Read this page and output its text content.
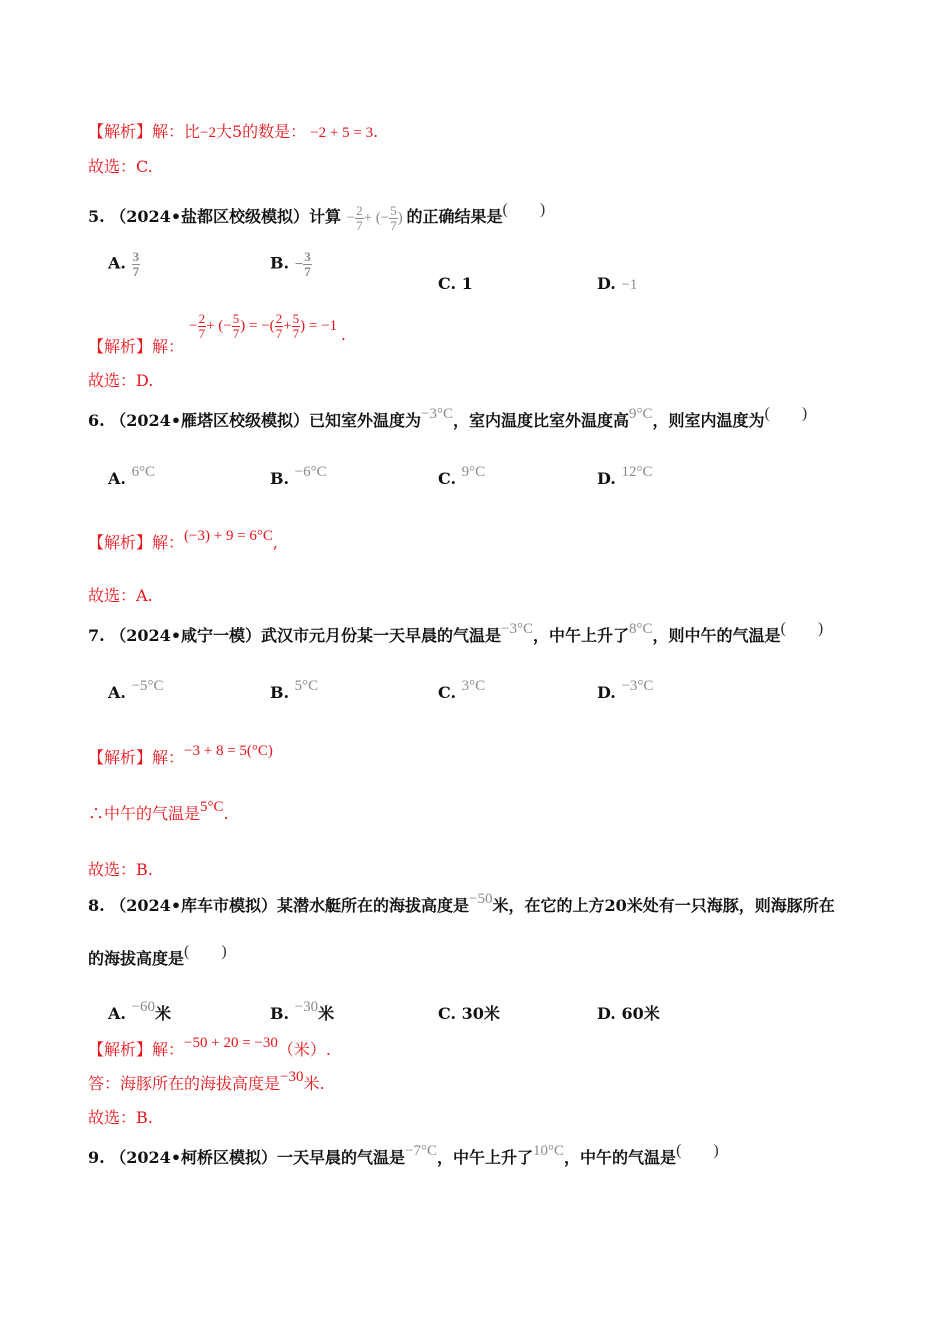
【解析】解：比−2大5的数是： −2 + 5 = 3.
故选：C.
5. （2024•盐都区校级模拟）计算 − $\frac{2}{7}$ + (− $\frac{5}{7}$ ) 的正确结果是(　　)
A. $\frac{3}{7}$	B. − $\frac{3}{7}$
C. 1	D. −1
【解析】解： − $\frac{2}{7}$ + (− $\frac{5}{7}$ ) = −( $\frac{2}{7} + \frac{5}{7}$ ) = −1 .
故选：D.
6. （2024•雁塔区校级模拟）已知室外温度为−3°C，室内温度比室外温度高9°C，则室内温度为(　　)
A. 6°C	B. −6°C	C. 9°C	D. 12°C
【解析】解：(−3) + 9 = 6°C,
故选：A.
7. （2024•咸宁一模）武汉市元月份某一天早晨的气温是−3°C，中午上升了8°C，则中午的气温是(　　)
A. −5°C	B. 5°C	C. 3°C	D. −3°C
【解析】解：−3 + 8 = 5(°C)
∴中午的气温是5°C.
故选：B.
8. （2024•库车市模拟）某潜水艇所在的海拔高度是−50米，在它的上方20米处有一只海豚，则海豚所在
的海拔高度是(　　)
A. −60米	B. −30米	C. 30米	D. 60米
【解析】解：−50 + 20 = −30（米）.
答：海豚所在的海拔高度是−30米.
故选：B.
9. （2024•柯桥区模拟）一天早晨的气温是−7°C，中午上升了10°C，中午的气温是(　　)
